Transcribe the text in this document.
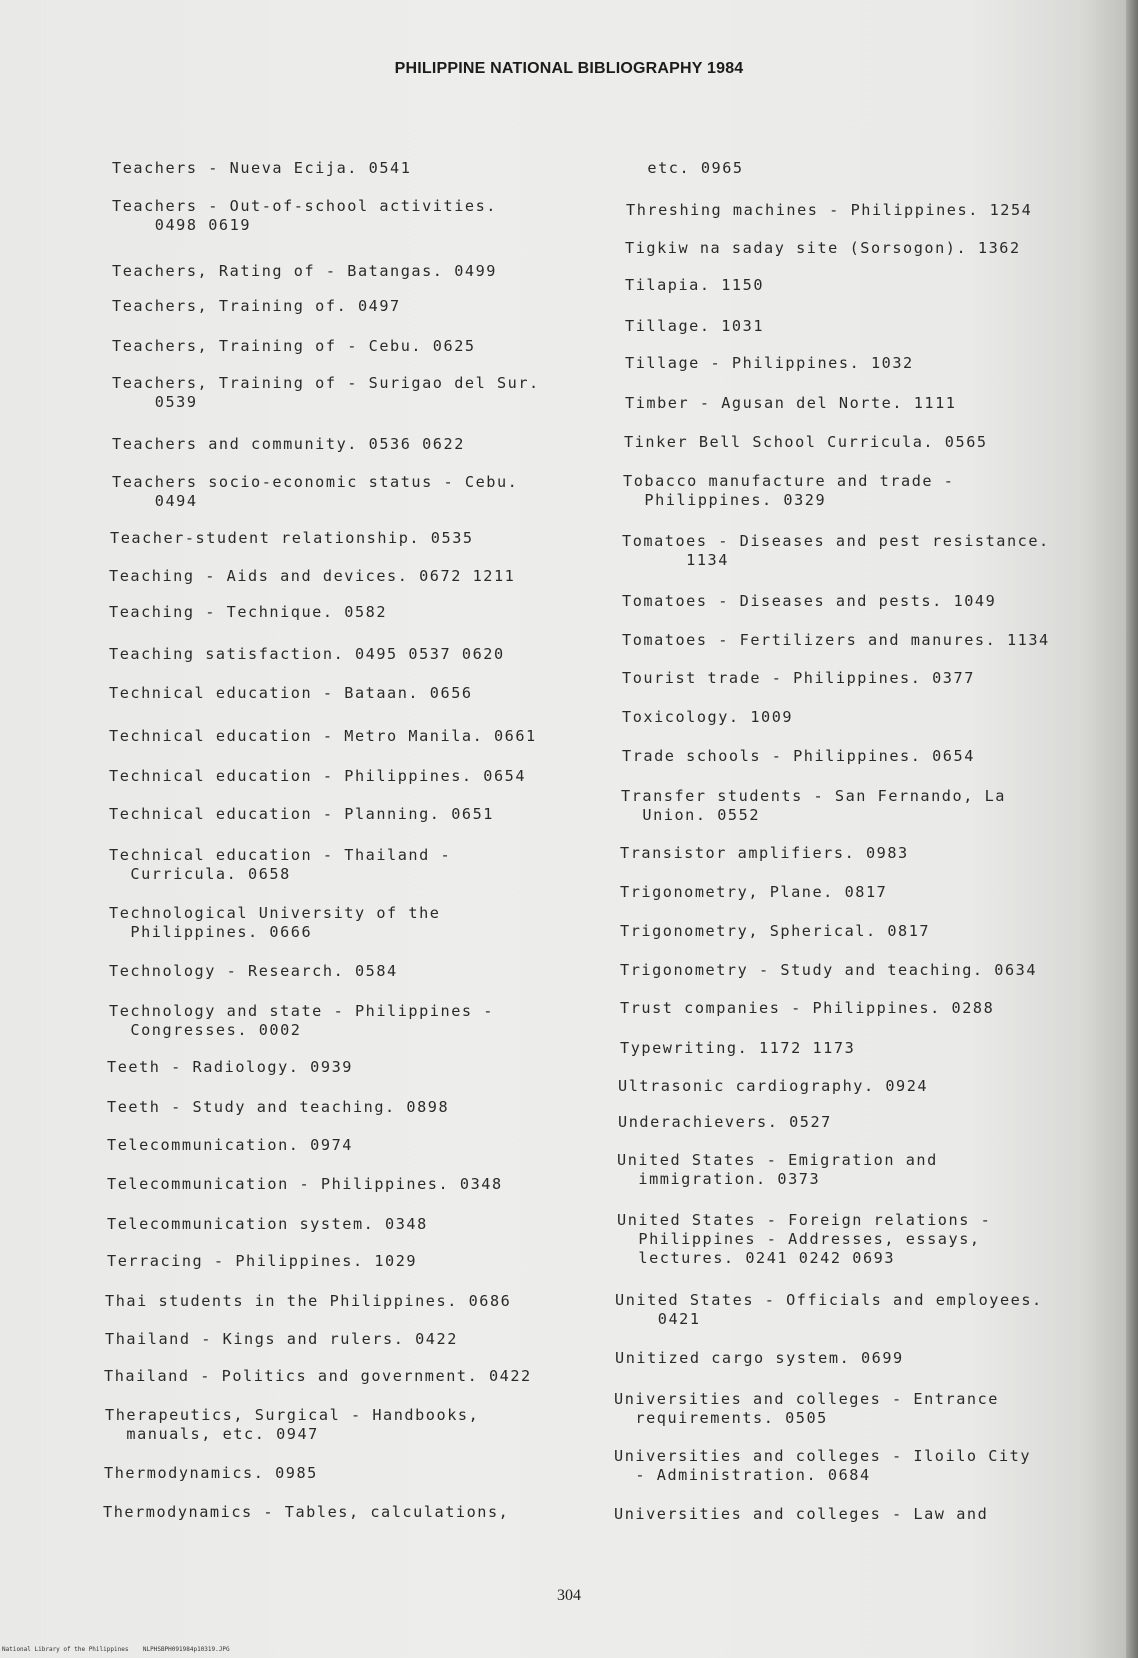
PHILIPPINE NATIONAL BIBLIOGRAPHY 1984

Teachers - Nueva Ecija. 0541

Teachers - Out-of-school activities.
0498 0619

Teachers, Rating of - Batangas. 0499

Teachers, Training of. 0497

Teachers, Training of - Cebu. 0625

Teachers, Training of - Surigao del Sur.
0539

Teachers and community. 0536 0622

Teachers socio-economic status - Cebu.
0494

Teacher-student relationship. 0535

Teaching - Aids and devices. 0672 1211

Teaching - Technique. 0582

Teaching satisfaction. 0495 0537 0620

Technical education - Bataan. 0656

Technical education - Metro Manila. 0661

Technical education - Philippines. 0654

Technical education - Planning. 0651

Technical education - Thailand -
Curricula. 0658

Technological University of the
Philippines. 0666

Technology - Research. 0584

Technology and state - Philippines -
Congresses. 0002

Teeth - Radiology. 0939

Teeth - Study and teaching. 0898

Telecommunication. 0974

Telecommunication - Philippines. 0348

Telecommunication system. 0348

Terracing - Philippines. 1029

Thai students in the Philippines. 0686

Thailand - Kings and rulers. 0422

Thailand - Politics and government. 0422

Therapeutics, Surgical - Handbooks,
manuals, etc. 0947

Thermodynamics. 0985

Thermodynamics - Tables, calculations,

etc. 0965

Threshing machines - Philippines. 1254

Tigkiw na saday site (Sorsogon). 1362

Tilapia. 1150

Tillage. 1031

Tillage - Philippines. 1032

Timber - Agusan del Norte. 1111

Tinker Bell School Curricula. 0565

Tobacco manufacture and trade -
Philippines. 0329

Tomatoes - Diseases and pest resistance.
1134

Tomatoes - Diseases and pests. 1049

Tomatoes - Fertilizers and manures. 1134

Tourist trade - Philippines. 0377

Toxicology. 1009

Trade schools - Philippines. 0654

Transfer students - San Fernando, La
Union. 0552

Transistor amplifiers. 0983

Trigonometry, Plane. 0817

Trigonometry, Spherical. 0817

Trigonometry - Study and teaching. 0634

Trust companies - Philippines. 0288

Typewriting. 1172 1173

Ultrasonic cardiography. 0924

Underachievers. 0527

United States - Emigration and
immigration. 0373

United States - Foreign relations -
Philippines - Addresses, essays,
lectures. 0241 0242 0693

United States - Officials and employees.
0421

Unitized cargo system. 0699

Universities and colleges - Entrance
requirements. 0505

Universities and colleges - Iloilo City
- Administration. 0684

Universities and colleges - Law and

304
National Library of the Philippines    NLPHSBPH091984p10319.JPG
